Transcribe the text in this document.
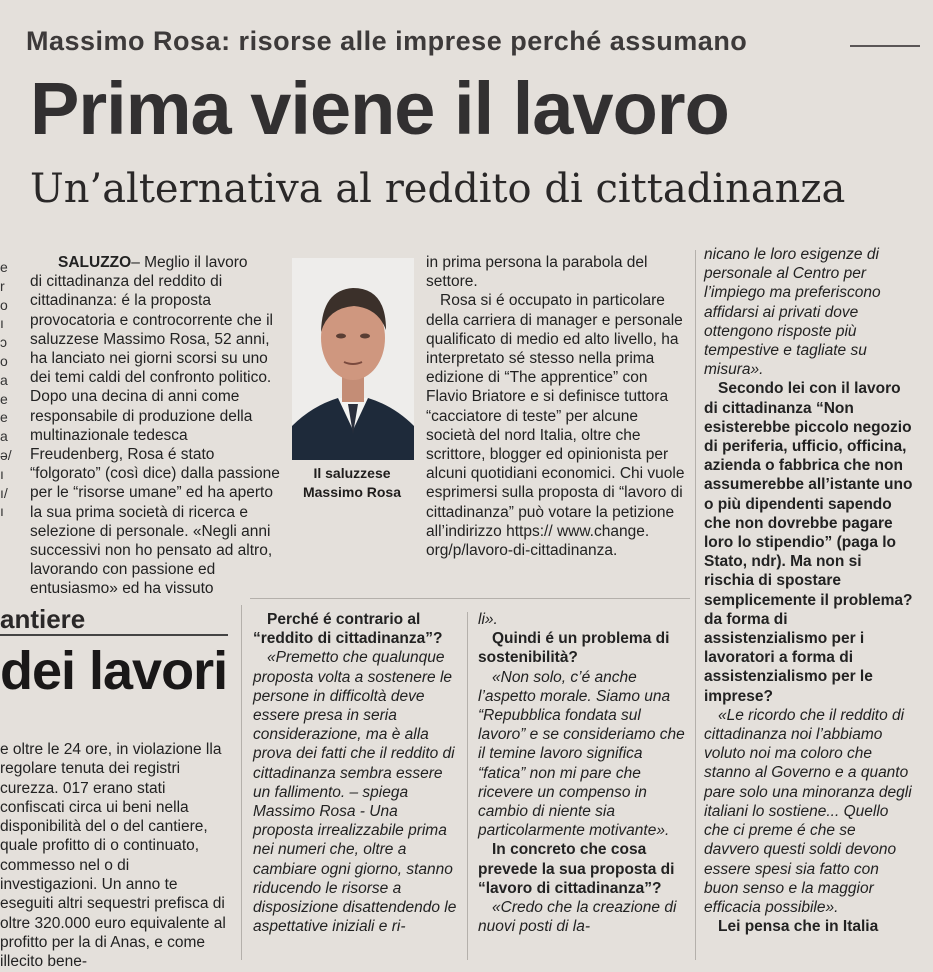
Massimo Rosa: risorse alle imprese perché assumano
Prima viene il lavoro
Un’alternativa al reddito di cittadinanza
e r o ı ɔ o a e e a ə/ ı ı/ ı

SALUZZO– Meglio il lavoro

di cittadinanza del reddito di cittadinanza: é la proposta provocatoria e controcorrente che il saluzzese Massimo Rosa, 52 anni, ha lanciato nei giorni scorsi su uno dei temi caldi del confronto politico. Dopo una decina di anni come responsabile di produzione della multinazionale tedesca Freudenberg, Rosa é stato “folgorato” (così dice) dalla passione per le “risorse umane” ed ha aperto la sua prima società di ricerca e selezione di personale. «Negli anni successivi non ho pensato ad altro, lavorando con passione ed entusiasmo» ed ha vissuto

Il saluzzese
Massimo Rosa

in prima persona la parabola del settore.

Rosa si é occupato in particolare della carriera di manager e personale qualificato di medio ed alto livello, ha interpretato sé stesso nella prima edizione di “The apprentice” con Flavio Briatore e si definisce tuttora “cacciatore di teste” per alcune società del nord Italia, oltre che scrittore, blogger ed opinionista per alcuni quotidiani economici. Chi vuole esprimersi sulla proposta di “lavoro di cittadinanza” può votare la petizione all’indirizzo https:// www.change. org/p/lavoro-di-cittadinanza.

nicano le loro esigenze di personale al Centro per l’impiego ma preferiscono affidarsi ai privati dove ottengono risposte più tempestive e tagliate su misura».

Secondo lei con il lavoro di cittadinanza “Non esisterebbe piccolo negozio di periferia, ufficio, officina, azienda o fabbrica che non assumerebbe all’istante uno o più dipendenti sapendo che non dovrebbe pagare loro lo stipendio” (paga lo Stato, ndr). Ma non si rischia di spostare semplicemente il problema? da forma di assistenzialismo per i lavoratori a forma di assistenzialismo per le imprese?

«Le ricordo che il reddito di cittadinanza noi l’abbiamo voluto noi ma coloro che stanno al Governo e a quanto pare solo una minoranza degli italiani lo sostiene... Quello che ci preme é che se davvero questi soldi devono essere spesi sia fatto con buon senso e la maggior efficacia possibile».

Lei pensa che in Italia

Perché é contrario al “reddito di cittadinanza”?

«Premetto che qualunque proposta volta a sostenere le persone in difficoltà deve essere presa in seria considerazione, ma è alla prova dei fatti che il reddito di cittadinanza sembra essere un fallimento. – spiega Massimo Rosa - Una proposta irrealizzabile prima nei numeri che, oltre a cambiare ogni giorno, stanno riducendo le risorse a disposizione disattendendo le aspettative iniziali e ri-

li».

Quindi é un problema di sostenibilità?

«Non solo, c’é anche l’aspetto morale. Siamo una “Repubblica fondata sul lavoro” e se consideriamo che il temine lavoro significa “fatica” non mi pare che ricevere un compenso in cambio di niente sia particolarmente motivante».

In concreto che cosa prevede la sua proposta di “lavoro di cittadinanza”?

«Credo che la creazione di nuovi posti di la-

antiere
dei lavori

e oltre le 24 ore, in violazione lla regolare tenuta dei registri curezza. 017 erano stati confiscati circa ui beni nella disponibilità del o del cantiere, quale profitto di o continuato, commesso nel o di investigazioni. Un anno te eseguiti altri sequestri prefisca di oltre 320.000 euro equivalente al profitto per la di Anas, e come illecito bene-
